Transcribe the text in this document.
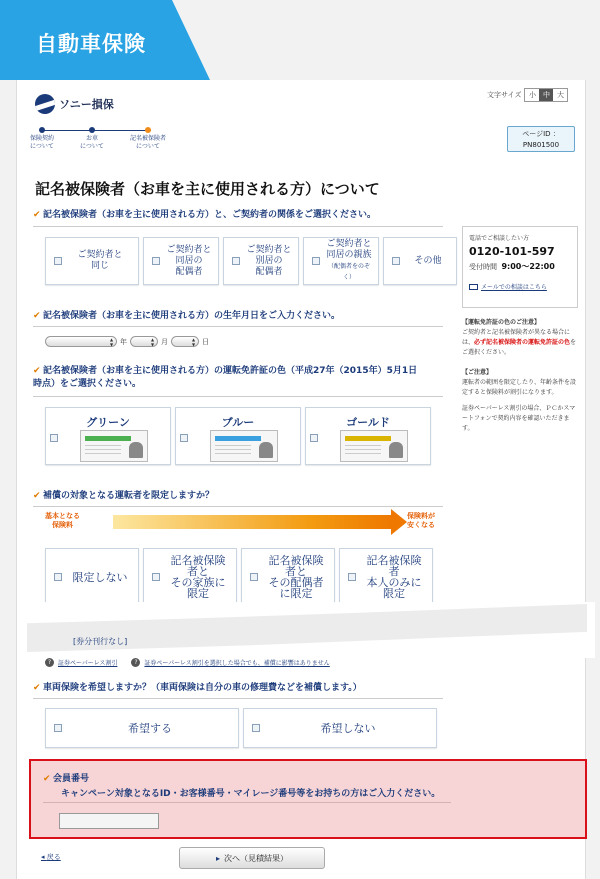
自動車保険
ソニー損保
文字サイズ	小	中	大
保険契約
について
お車
について
記名被保険者
について
ページID ：
PN801500
記名被保険者（お車を主に使用される方）について
✔ 記名被保険者（お車を主に使用される方）と、ご契約者の関係をご選択ください。
ご契約者と
同じ
ご契約者と
同居の
配偶者
ご契約者と
別居の
配偶者
ご契約者と
同居の親族
（配偶者をのぞく）
その他
✔ 記名被保険者（お車を主に使用される方）の生年月日をご入力ください。
▲▼
年 ▲▼	月 ▲▼	日
✔ 記名被保険者（お車を主に使用される方）の運転免許証の色（平成27年（2015年）5月1日
時点）をご選択ください。
グリーン	ブルー	ゴールド
✔ 補償の対象となる運転者を限定しますか？
基本となる
保険料
保険料が
安くなる
限定しない
記名被保険者と
その家族に限定
記名被保険者と
その配偶者に限定
記名被保険者
本人のみに限定
[券分刊行なし]
?	証券ペーパーレス割引	?	証券ペーパーレス割引を選択した場合でも、補償に影響はありません
✔ 車両保険を希望しますか？（車両保険は自分の車の修理費などを補償します。）
希望する	希望しない
電話でご相談したい方
0120-101-597
受付時間 9:00〜22:00
メールでの相談はこちら
【運転免許証の色のご注意】
ご契約者と記名被保険者が異なる場合には、必ず記名被保険者の運転免許証の色をご選択ください。
【ご注意】
運転者の範囲を限定したり、年齢条件を設定すると保険料が割引になります。
証券ペーパーレス割引の場合、ＰＣかスマートフォンで契約内容を確認いただきます。
✔ 会員番号
キャンペーン対象となるID・お客様番号・マイレージ番号等をお持ちの方はご入力ください。
◂ 戻る	▸ 次へ（見積結果）
